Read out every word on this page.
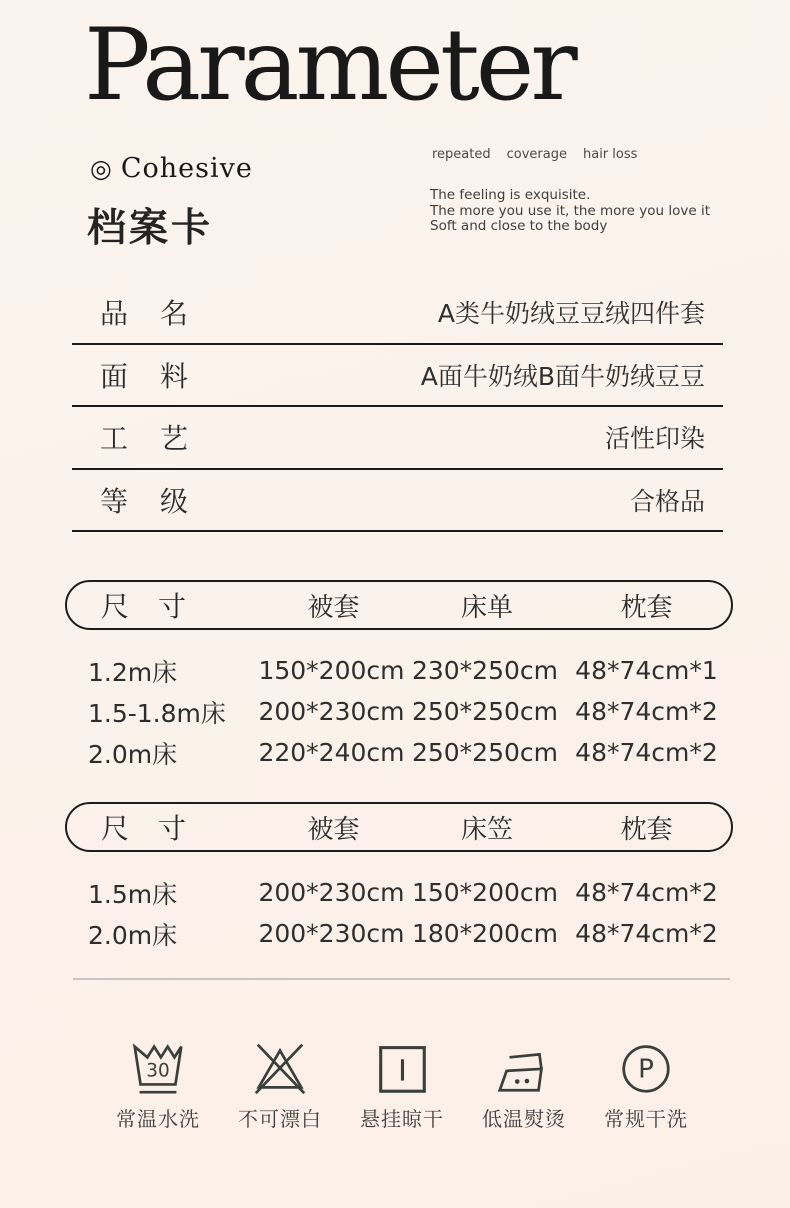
Parameter
◎ Cohesive
档案卡
repeated coverage hair loss
The feeling is exquisite.
The more you use it, the more you love it
Soft and close to the body
品名	A类牛奶绒豆豆绒四件套
面料	A面牛奶绒B面牛奶绒豆豆
工艺	活性印染
等级	合格品
尺寸	被套	床单	枕套
1.2m床	150*200cm 230*250cm 48*74cm*1
1.5-1.8m床	200*230cm 250*250cm 48*74cm*2
2.0m床	220*240cm 250*250cm 48*74cm*2
尺寸	被套	床笠	枕套
1.5m床	200*230cm 150*200cm 48*74cm*2
2.0m床	200*230cm 180*200cm 48*74cm*2
30
常温水洗 不可漂白 悬挂晾干 低温熨烫
P
常规干洗
